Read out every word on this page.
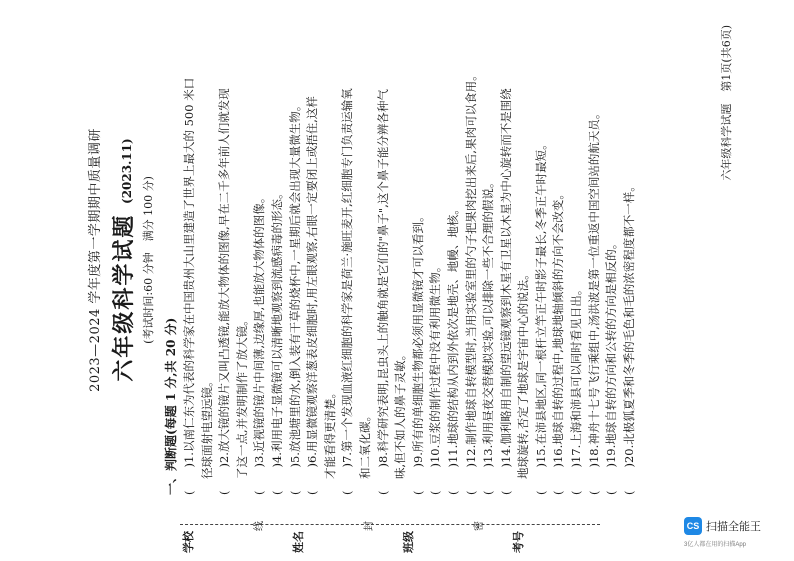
学校
线
姓名
封
班级
密
考号

2023—2024 学年度第一学期期中质量调研 六年级科学试题 (2023.11)

(考试时间:60 分钟　满分 100 分)

一、判断题(每题 1 分,共 20 分) (　　)1.以南仁东为代表的科学家在中国贵州大山里建造了世界上最大的 500 米口 径球面射电望远镜。

(　　)2.放大镜的镜片又叫凸透镜,能放大物体的图像,早在二千多年前人们就发现 了这一点,并发明制作了放大镜。

(　　)3.近视镜的镜片中间薄,边缘厚,也能放大物体的图像。

(　　)4.利用电子显微镜可以清晰地观察到流感病毒的形态。

(　　)5.放池塘里的水,倒入装有干草的烧杯中,一星期后就会出现大量微生物。

(　　)6.用显微镜观察洋葱表皮细胞时,用左眼观察,右眼一定要闭上或捂住,这样 才能看得更清楚。

(　　)7.第一个发现血液红细胞的科学家是荷兰·施旺麦开,红细胞专门负责运输氧 和二氧化碳。

(　　)8.科学研究表明,昆虫头上的触角就是它们的"鼻子",这个鼻子能分辨各种气 味,但不如人的鼻子灵敏。

(　　)9.所有的单细胞生物都必须用显微镜才可以看到。

(　　)10.豆浆的制作过程中没有利用微生物。

(　　)11.地球的结构从内到外依次是地壳、地幔、地核。

(　　)12.制作地球自转模型时,当用实验室里的勺子把果肉挖出来后,果肉可以食用。

(　　)13.利用昼夜交替模拟实验,可以排除一些不合理的假说。

(　　)14.伽利略用自制的望远镜观察到木星有卫星以木星为中心旋转而不是围绕 地球旋转,否定了地球是宇宙中心的说法。

(　　)15.在沛县地区,同一根杆立竿正午时影子最长,冬季正午时最短。

(　　)16.地球自转的过程中,地球地轴倾斜的方向不会改变。

(　　)17.上海和沛县可以同时看见日出。

(　　)18.神舟十七号飞行乘组中,汤洪波是第一位重返中国空间站的航天员。

(　　)19.地球自转的方向和公转的方向是相反的。

(　　)20.北极狐夏季和冬季的毛色和毛的浓密程度都不一样。

六年级科学试题第1页(共6页)
CS 扫描全能王
3亿人都在用的扫描App
